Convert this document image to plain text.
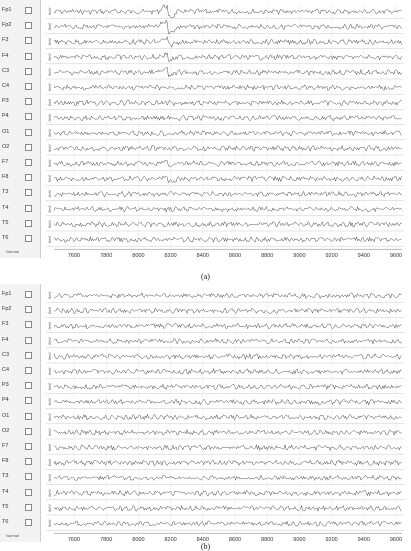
Fp1
Fp2
F3
F4
C3
C4
P3
P4
O1
O2
F7
F8
T3
T4
T5
T6
Normal
0mV
0mV
0mV
0mV
0mV
0mV
0mV
0mV
0mV
0mV
0mV
0mV
0mV
0mV
0mV
0mV
7600	7800	8000	8200	8400	8600	8800	9000	9200	9400	9600
(a)
Fp1
Fp2
F3
F4
C3
C4
P3
P4
O1
O2
F7
F8
T3
T4
T5
T6
Normal
0mV
0mV
0mV
0mV
0mV
0mV
0mV
0mV
0mV
0mV
0mV
0mV
0mV
0mV
0mV
0mV
7600	7800	8000	8200	8400	8600	8800	9000	9200	9400	9600
(b)
